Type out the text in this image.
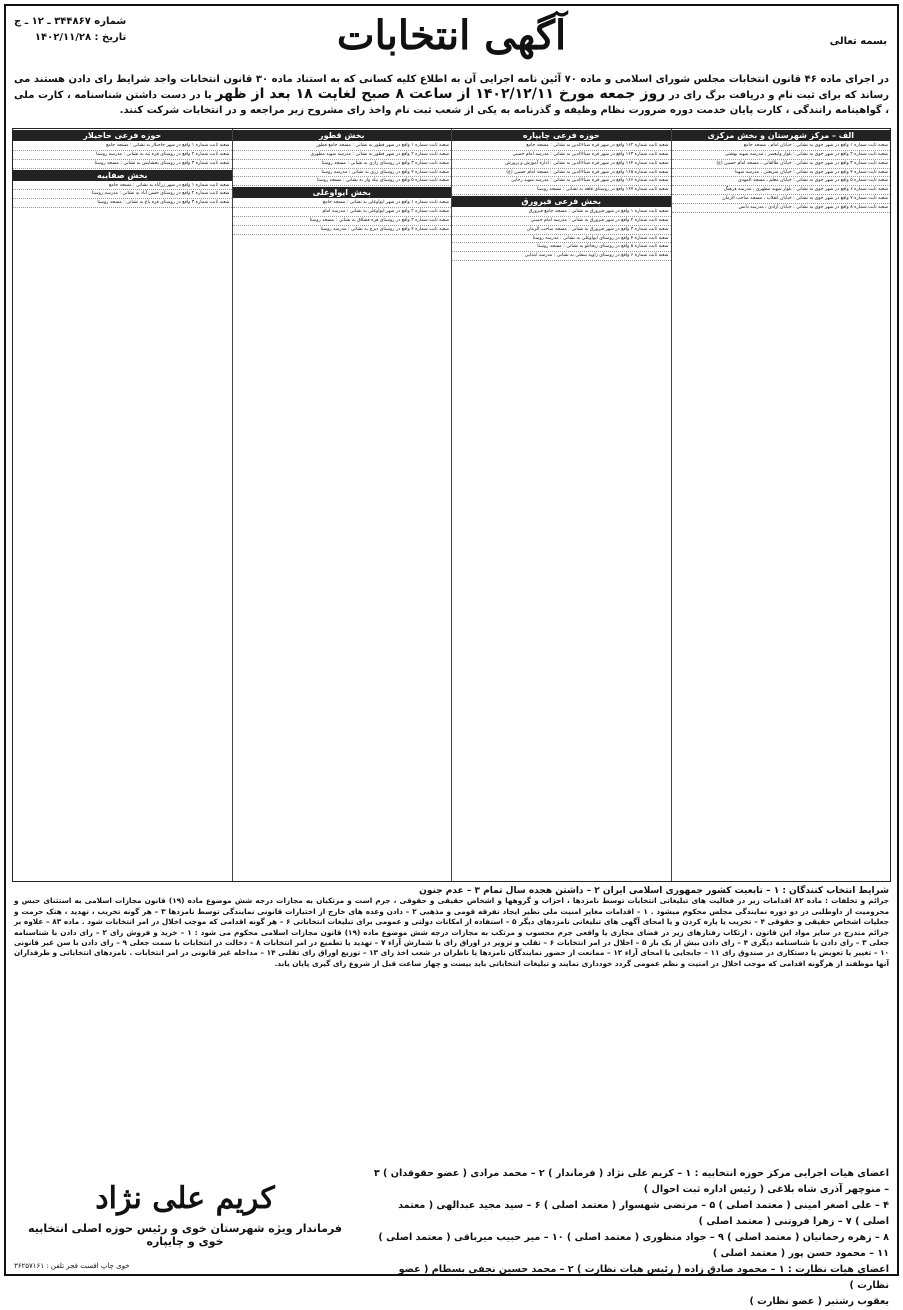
شماره ۳۴۴۸۶۷ ـ ۱۲ ـ ج
تاریخ : ۱۴۰۲/۱۱/۲۸	آگهی انتخابات	بسمه تعالی
در اجرای ماده ۴۶ قانون انتخابات مجلس شورای اسلامی و ماده ۷۰ آئین نامه اجرایی آن به اطلاع کلیه کسانی که به استناد ماده ۳۰ قانون انتخابات واجد شرایط رای دادن هستند می رساند که برای ثبت نام و دریافت برگ رای در روز جمعه مورخ ۱۴۰۲/۱۲/۱۱ از ساعت ۸ صبح لغایت ۱۸ بعد از ظهر با در دست داشتن شناسنامه ، کارت ملی ، گواهینامه رانندگی ، کارت پایان خدمت دوره ضرورت نظام وظیفه و گذرنامه به یکی از شعب ثبت نام واخذ رای مشروح زیر مراجعه و در انتخابات شرکت کنند.
الف – مرکز شهرستان و بخش مرکزی
شعبه ثابت شماره ۱ واقع در شهر خوی به نشانی : خیابان امام ، مسجد جامع
شعبه ثابت شماره ۲ واقع در شهر خوی به نشانی : بلوار ولیعصر ، مدرسه شهید بهشتی
شعبه ثابت شماره ۳ واقع در شهر خوی به نشانی : خیابان طالقانی ، مسجد امام حسین (ع)
شعبه ثابت شماره ۴ واقع در شهر خوی به نشانی : خیابان شریعتی ، مدرسه شهدا
شعبه ثابت شماره ۵ واقع در شهر خوی به نشانی : خیابان معلم ، مسجد المهدی
شعبه ثابت شماره ۶ واقع در شهر خوی به نشانی : بلوار شهید مطهری ، مدرسه فرهنگ
شعبه ثابت شماره ۷ واقع در شهر خوی به نشانی : خیابان انقلاب ، مسجد صاحب الزمان
شعبه ثابت شماره ۸ واقع در شهر خوی به نشانی : خیابان آزادی ، مدرسه دانش
حوزه فرعی چایپاره
شعبه ثابت شماره ۱۶۲ واقع در شهر قره ضیاءالدین به نشانی : مسجد جامع
شعبه ثابت شماره ۱۶۳ واقع در شهر قره ضیاءالدین به نشانی : مدرسه امام خمینی
شعبه ثابت شماره ۱۶۴ واقع در شهر قره ضیاءالدین به نشانی : اداره آموزش و پرورش
شعبه ثابت شماره ۱۶۵ واقع در شهر قره ضیاءالدین به نشانی : مسجد امام حسین (ع)
شعبه ثابت شماره ۱۶۶ واقع در شهر قره ضیاءالدین به نشانی : مدرسه شهید رجایی
شعبه ثابت شماره ۱۶۷ واقع در روستای قلعه به نشانی : مسجد روستا
بخش فرعی فیرورق
شعبه ثابت شماره ۱ واقع در شهر فیرورق به نشانی : مسجد جامع فیرورق
شعبه ثابت شماره ۲ واقع در شهر فیرورق به نشانی : مدرسه امام خمینی
شعبه ثابت شماره ۳ واقع در شهر فیرورق به نشانی : مسجد صاحب الزمان
شعبه ثابت شماره ۴ واقع در روستای ایواوغلی به نشانی : مدرسه روستا
شعبه ثابت شماره ۵ واقع در روستای ریحانلو به نشانی : مسجد روستا
شعبه ثابت شماره ۶ واقع در روستای زاویه سفلی به نشانی : مدرسه ابتدایی
بخش قطور
شعبه ثابت شماره ۱ واقع در شهر قطور به نشانی : مسجد جامع قطور
شعبه ثابت شماره ۲ واقع در شهر قطور به نشانی : مدرسه شهید مطهری
شعبه ثابت شماره ۳ واقع در روستای رازی به نشانی : مسجد روستا
شعبه ثابت شماره ۴ واقع در روستای زری به نشانی : مدرسه روستا
شعبه ثابت شماره ۵ واقع در روستای بیله وار به نشانی : مسجد روستا
بخش ایواوغلی
شعبه ثابت شماره ۱ واقع در شهر ایواوغلی به نشانی : مسجد جامع
شعبه ثابت شماره ۲ واقع در شهر ایواوغلی به نشانی : مدرسه امام
شعبه ثابت شماره ۳ واقع در روستای قره قشلاق به نشانی : مسجد روستا
شعبه ثابت شماره ۴ واقع در روستای دیزج به نشانی : مدرسه روستا
حوزه فرعی حاجیلار
شعبه ثابت شماره ۱ واقع در شهر حاجیلار به نشانی : مسجد جامع
شعبه ثابت شماره ۲ واقع در روستای قره تپه به نشانی : مدرسه روستا
شعبه ثابت شماره ۳ واقع در روستای بخشایش به نشانی : مسجد روستا
بخش صفاییه
شعبه ثابت شماره ۱ واقع در شهر زرآباد به نشانی : مسجد جامع
شعبه ثابت شماره ۲ واقع در روستای حسن آباد به نشانی : مدرسه روستا
شعبه ثابت شماره ۳ واقع در روستای قره باغ به نشانی : مسجد روستا
شرایط انتخاب کنندگان : ۱ – تابعیت کشور جمهوری اسلامی ایران ۲ – داشتن هجده سال تمام ۳ – عدم جنون
جرائم و تخلفات : ماده ۸۲ اقدامات زیر در فعالیت های تبلیغاتی انتخابات توسط نامزدها ، احزاب و گروهها و اشخاص حقیقی و حقوقی ، جرم است و مرتکبان به مجازات درجه شش موضوع ماده (۱۹) قانون مجازات اسلامی به استثنای حبس و محرومیت از داوطلبی در دو دوره نمایندگی مجلس محکوم میشود . ۱ – اقدامات مغایر امنیت ملی نظیر ایجاد تفرقه قومی و مذهبی ۲ – دادن وعده های خارج از اختیارات قانونی نمایندگی توسط نامزدها ۳ – هر گونه تخریب ، تهدید ، هتک حرمت و جعلیات اشخاص حقیقی و حقوقی ۴ – تخریب یا پاره کردن و یا امحای آگهی های تبلیغاتی نامزدهای دیگر ۵ – استفاده از امکانات دولتی و عمومی برای تبلیغات انتخاباتی ۶ – هر گونه اقدامی که موجب اخلال در امر انتخابات شود . ماده ۸۳ – علاوه بر جرائم مندرج در سایر مواد این قانون ، ارتکاب رفتارهای زیر در فضای مجازی یا واقعی جرم محسوب و مرتکب به مجازات درجه شش موضوع ماده (۱۹) قانون مجازات اسلامی محکوم می شود : ۱ – خرید و فروش رای ۲ – رای دادن با شناسنامه جعلی ۳ – رای دادن با شناسنامه دیگری ۴ – رای دادن بیش از یک بار ۵ – اخلال در امر انتخابات ۶ – تقلب و تزویر در اوراق رای یا شمارش آراء ۷ – تهدید یا تطمیع در امر انتخابات ۸ – دخالت در انتخابات با سمت جعلی ۹ – رای دادن با سن غیر قانونی ۱۰ – تغییر یا تعویض یا دستکاری در صندوق رای ۱۱ – جابجایی یا امحای آراء ۱۲ – ممانعت از حضور نمایندگان نامزدها یا ناظران در شعب اخذ رای ۱۳ – توزیع اوراق رای تقلبی ۱۴ – مداخله غیر قانونی در امر انتخابات . نامزدهای انتخاباتی و طرفداران آنها موظفند از هرگونه اقدامی که موجب اخلال در امنیت و نظم عمومی گردد خودداری نمایند و تبلیغات انتخاباتی باید بیست و چهار ساعت قبل از شروع رای گیری پایان یابد.
اعضای هیات اجرایی مرکز حوزه انتخابیه : ۱ – کریم علی نژاد ( فرماندار ) ۲ – محمد مرادی ( عضو حقوقدان ) ۳ – منوچهر آذری شاه بلاغی ( رئیس اداره ثبت احوال )
۴ – علی اصغر امینی ( معتمد اصلی ) ۵ – مرتضی شهسوار ( معتمد اصلی ) ۶ – سید مجید عبدالهی ( معتمد اصلی ) ۷ – زهرا فروتنی ( معتمد اصلی )
۸ – زهره رحمانیان ( معتمد اصلی ) ۹ – جواد منظوری ( معتمد اصلی ) ۱۰ – میر حبیب میرباقی ( معتمد اصلی ) ۱۱ – محمود حسن پور ( معتمد اصلی )
اعضای هیات نظارت : ۱ – محمود صادق زاده ( رئیس هیات نظارت ) ۲ – محمد حسین نجفی بسطام ( عضو نظارت )
یعقوب رشتبر ( عضو نظارت )
کریم علی نژاد
فرماندار ویژه شهرستان خوی و رئیس حوزه اصلی انتخابیه خوی و چایپاره
خوی چاپ افست فجر تلفن : ۳۶۲۵۷۱۶۱
